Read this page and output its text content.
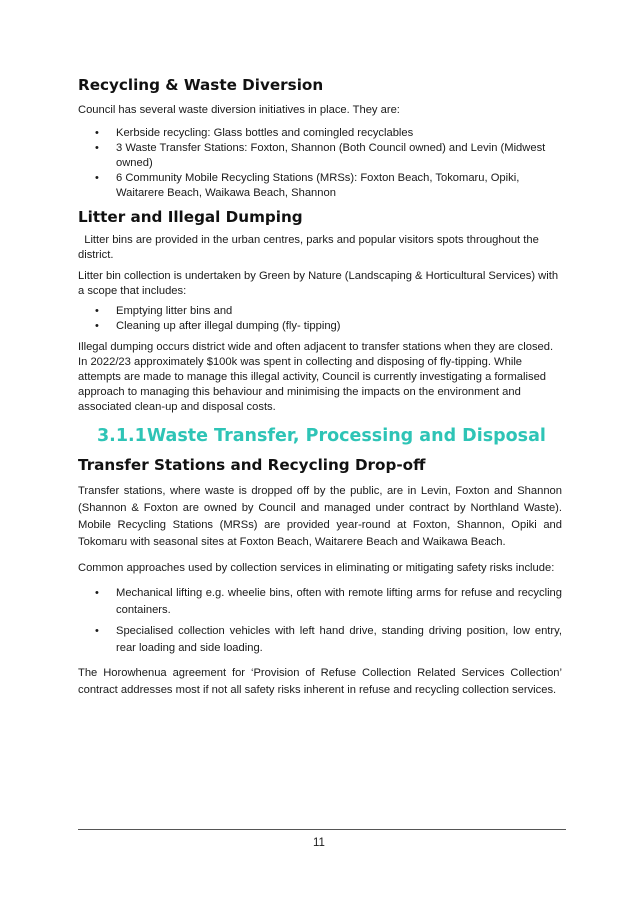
Recycling & Waste Diversion

Council has several waste diversion initiatives in place. They are:

• Kerbside recycling: Glass bottles and comingled recyclables
• 3 Waste Transfer Stations: Foxton, Shannon (Both Council owned) and Levin (Midwest owned)
• 6 Community Mobile Recycling Stations (MRSs): Foxton Beach, Tokomaru, Opiki, Waitarere Beach, Waikawa Beach, Shannon
Litter and Illegal Dumping

Litter bins are provided in the urban centres, parks and popular visitors spots throughout the district.

Litter bin collection is undertaken by Green by Nature (Landscaping & Horticultural Services) with a scope that includes:

• Emptying litter bins and
• Cleaning up after illegal dumping (fly- tipping)

Illegal dumping occurs district wide and often adjacent to transfer stations when they are closed. In 2022/23 approximately $100k was spent in collecting and disposing of fly-tipping. While attempts are made to manage this illegal activity, Council is currently investigating a formalised approach to managing this behaviour and minimising the impacts on the environment and associated clean-up and disposal costs.

3.1.1Waste Transfer, Processing and Disposal
Transfer Stations and Recycling Drop-off

Transfer stations, where waste is dropped off by the public, are in Levin, Foxton and Shannon (Shannon & Foxton are owned by Council and managed under contract by Northland Waste). Mobile Recycling Stations (MRSs) are provided year-round at Foxton, Shannon, Opiki and Tokomaru with seasonal sites at Foxton Beach, Waitarere Beach and Waikawa Beach.

Common approaches used by collection services in eliminating or mitigating safety risks include:

• Mechanical lifting e.g. wheelie bins, often with remote lifting arms for refuse and recycling containers.
• Specialised collection vehicles with left hand drive, standing driving position, low entry, rear loading and side loading.

The Horowhenua agreement for ‘Provision of Refuse Collection Related Services Collection’ contract addresses most if not all safety risks inherent in refuse and recycling collection services.

11
